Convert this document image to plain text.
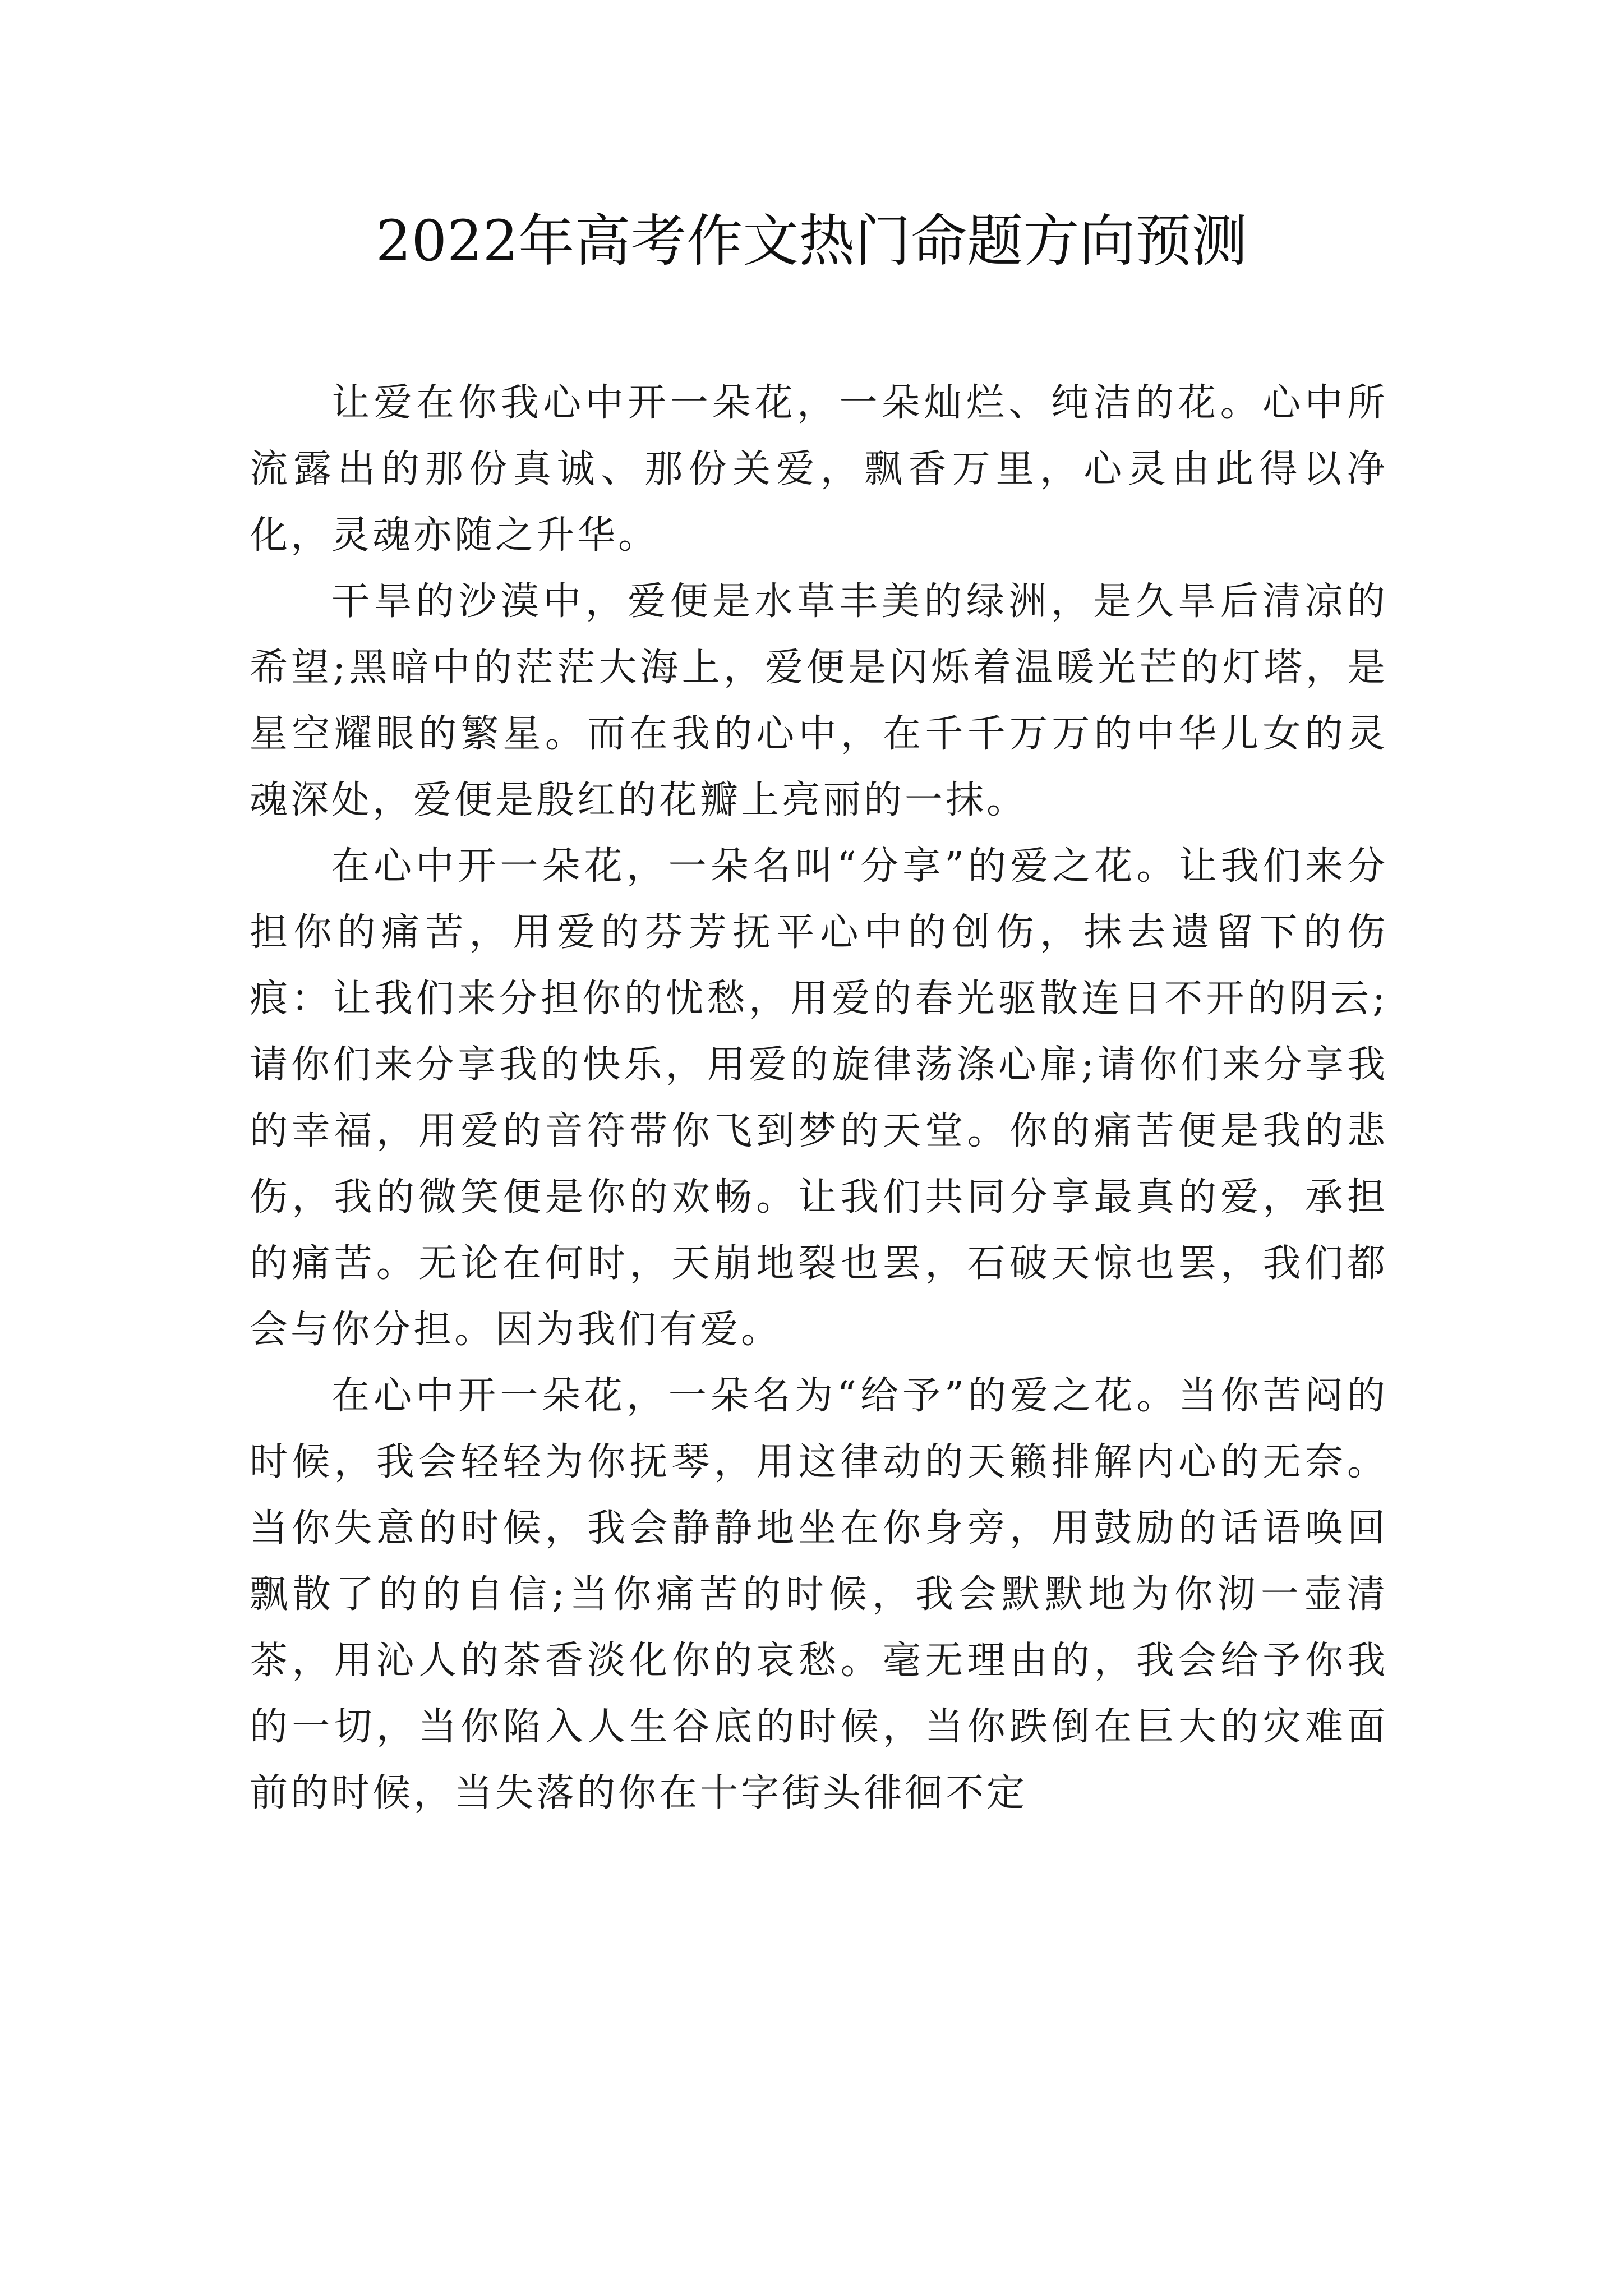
2022年高考作文热门命题方向预测

让爱在你我心中开一朵花，一朵灿烂、纯洁的花。心中所流露出的那份真诚、那份关爱，飘香万里，心灵由此得以净化，灵魂亦随之升华。

干旱的沙漠中，爱便是水草丰美的绿洲，是久旱后清凉的希望;黑暗中的茫茫大海上，爱便是闪烁着温暖光芒的灯塔，是星空耀眼的繁星。而在我的心中，在千千万万的中华儿女的灵魂深处，爱便是殷红的花瓣上亮丽的一抹。

在心中开一朵花，一朵名叫“分享”的爱之花。让我们来分担你的痛苦，用爱的芬芳抚平心中的创伤，抹去遗留下的伤痕：让我们来分担你的忧愁，用爱的春光驱散连日不开的阴云;请你们来分享我的快乐，用爱的旋律荡涤心扉;请你们来分享我的幸福，用爱的音符带你飞到梦的天堂。你的痛苦便是我的悲伤，我的微笑便是你的欢畅。让我们共同分享最真的爱，承担的痛苦。无论在何时，天崩地裂也罢，石破天惊也罢，我们都会与你分担。因为我们有爱。

在心中开一朵花，一朵名为“给予”的爱之花。当你苦闷的时候，我会轻轻为你抚琴，用这律动的天籁排解内心的无奈。当你失意的时候，我会静静地坐在你身旁，用鼓励的话语唤回飘散了的的自信;当你痛苦的时候，我会默默地为你沏一壶清茶，用沁人的茶香淡化你的哀愁。毫无理由的，我会给予你我的一切，当你陷入人生谷底的时候，当你跌倒在巨大的灾难面前的时候，当失落的你在十字街头徘徊不定
